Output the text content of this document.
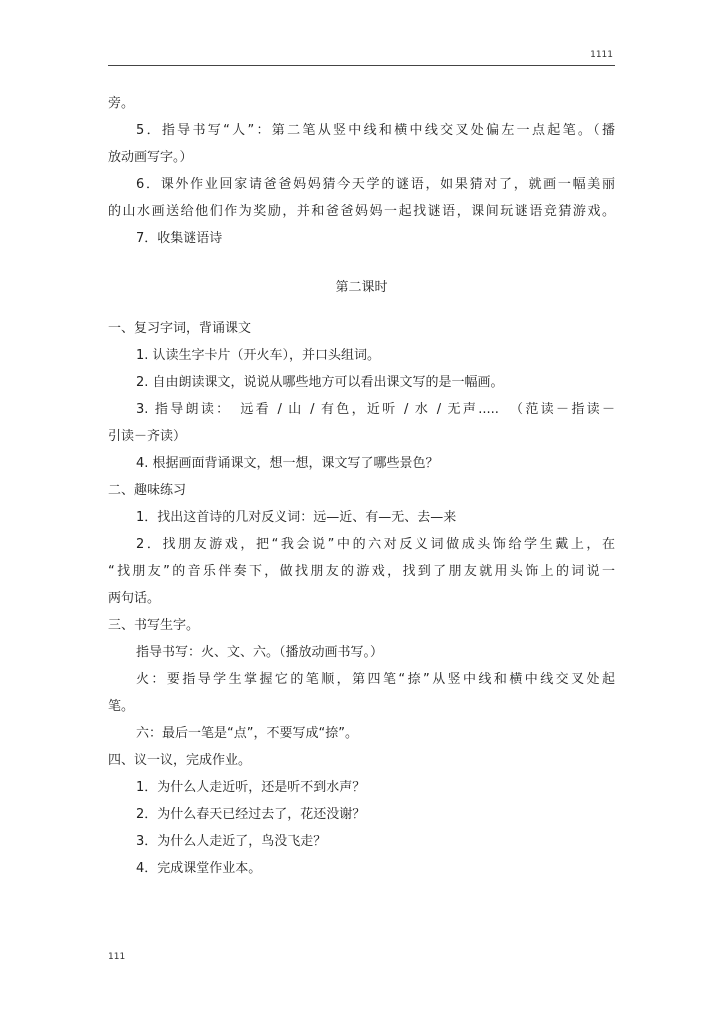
1111
旁。
5．指导书写“人”：第二笔从竖中线和横中线交叉处偏左一点起笔。（播
放动画写字。）
6．课外作业回家请爸爸妈妈猜今天学的谜语，如果猜对了，就画一幅美丽
的山水画送给他们作为奖励，并和爸爸妈妈一起找谜语，课间玩谜语竞猜游戏。
7．收集谜语诗
第二课时
一、复习字词，背诵课文
1. 认读生字卡片（开火车），并口头组词。
2. 自由朗读课文，说说从哪些地方可以看出课文写的是一幅画。
3. 指导朗读：　远看 / 山 / 有色，近听 / 水 / 无声.....　（范读－指读－
引读－齐读）
4. 根据画面背诵课文，想一想，课文写了哪些景色？
二、趣味练习
1．找出这首诗的几对反义词：远—近、有—无、去—来
2．找朋友游戏，把“我会说”中的六对反义词做成头饰给学生戴上，在
“找朋友”的音乐伴奏下，做找朋友的游戏，找到了朋友就用头饰上的词说一
两句话。
三、书写生字。
指导书写：火、文、六。（播放动画书写。）
火：要指导学生掌握它的笔顺，第四笔“捺”从竖中线和横中线交叉处起
笔。
六：最后一笔是“点”，不要写成“捺”。
四、议一议，完成作业。
1．为什么人走近听，还是听不到水声？
2．为什么春天已经过去了，花还没谢？
3．为什么人走近了，鸟没飞走？
4．完成课堂作业本。
111
